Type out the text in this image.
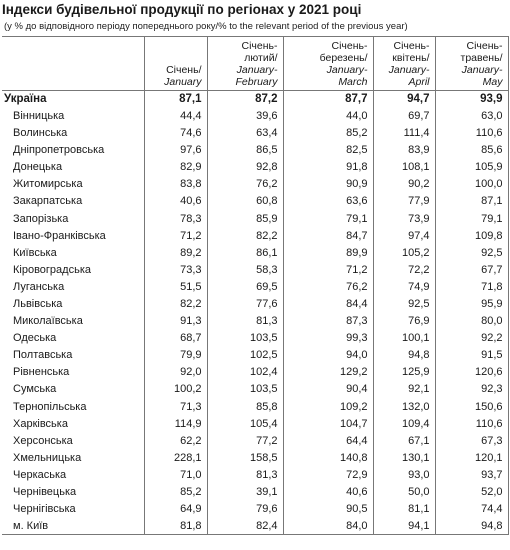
Індекси будівельної продукції по регіонах у 2021 році
(у % до відповідного періоду попереднього року/% to the relevant period of the previous year)

	Січень/
January	Січень-
лютий/
January-
February	Січень-
березень/
January-
March	Січень-
квітень/
January-
April	Січень-
травень/
January-
May

Україна	87,1	87,2	87,7	94,7	93,9
Вінницька	44,4	39,6	44,0	69,7	63,0
Волинська	74,6	63,4	85,2	111,4	110,6
Дніпропетровська	97,6	86,5	82,5	83,9	85,6
Донецька	82,9	92,8	91,8	108,1	105,9
Житомирська	83,8	76,2	90,9	90,2	100,0
Закарпатська	40,6	60,8	63,6	77,9	87,1
Запорізька	78,3	85,9	79,1	73,9	79,1
Івано-Франківська	71,2	82,2	84,7	97,4	109,8
Київська	89,2	86,1	89,9	105,2	92,5
Кіровоградська	73,3	58,3	71,2	72,2	67,7
Луганська	51,5	69,5	76,2	74,9	71,8
Львівська	82,2	77,6	84,4	92,5	95,9
Миколаївська	91,3	81,3	87,3	76,9	80,0
Одеська	68,7	103,5	99,3	100,1	92,2
Полтавська	79,9	102,5	94,0	94,8	91,5
Рівненська	92,0	102,4	129,2	125,9	120,6
Сумська	100,2	103,5	90,4	92,1	92,3
Тернопільська	71,3	85,8	109,2	132,0	150,6
Харківська	114,9	105,4	104,7	109,4	110,6
Херсонська	62,2	77,2	64,4	67,1	67,3
Хмельницька	228,1	158,5	140,8	130,1	120,1
Черкаська	71,0	81,3	72,9	93,0	93,7
Чернівецька	85,2	39,1	40,6	50,0	52,0
Чернігівська	64,9	79,6	90,5	81,1	74,4
м. Київ	81,8	82,4	84,0	94,1	94,8
